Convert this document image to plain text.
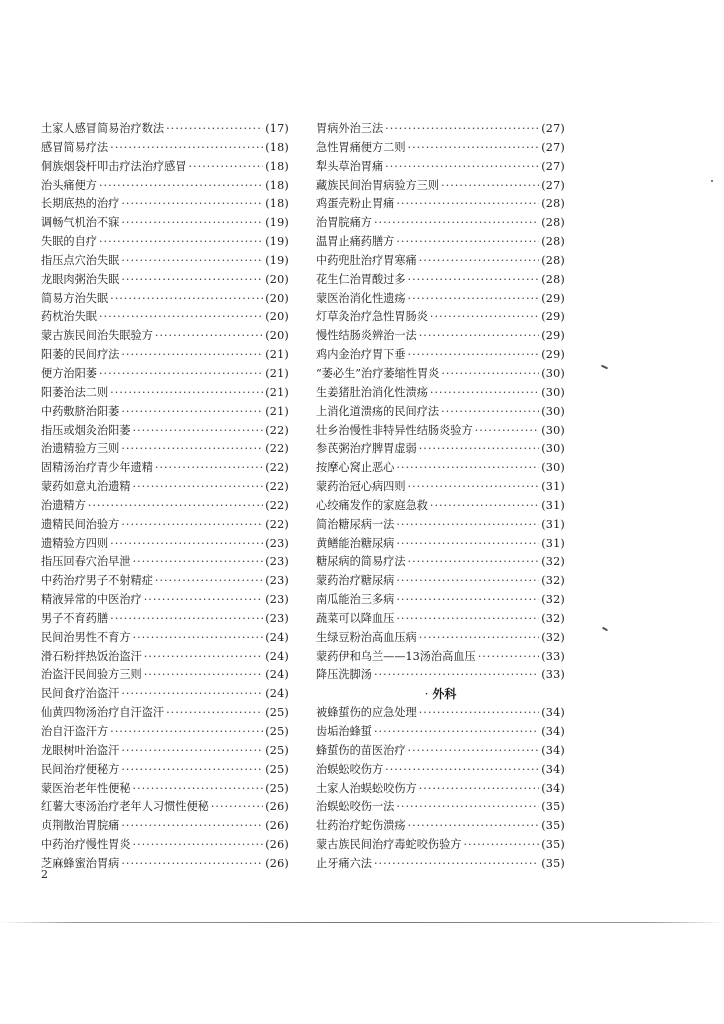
土家人感冒简易治疗数法 ·····	(17)
感冒简易疗法 ·····	(18)
侗族烟袋杆叩击疗法治疗感冒 ·····	(18)
治头痛便方 ·····	(18)
长期底热的治疗 ·····	(18)
调畅气机治不寐 ·····	(19)
失眠的自疗 ·····	(19)
指压点穴治失眠 ·····	(19)
龙眼肉粥治失眠 ·····	(20)
简易方治失眠 ·····	(20)
药枕治失眠 ·····	(20)
蒙古族民间治失眠验方 ·····	(20)
阳萎的民间疗法 ·····	(21)
便方治阳萎 ·····	(21)
阳萎治法二则 ·····	(21)
中药敷脐治阳萎 ·····	(21)
指压或烟灸治阳萎 ·····	(22)
治遗精验方三则 ·····	(22)
固精汤治疗青少年遗精 ·····	(22)
蒙药如意丸治遗精 ·····	(22)
治遗精方 ·····	(22)
遗精民间治验方 ·····	(22)
遗精验方四则 ·····	(23)
指压回春穴治早泄 ·····	(23)
中药治疗男子不射精症 ·····	(23)
精液异常的中医治疗 ·····	(23)
男子不育药膳 ·····	(23)
民间治男性不育方 ·····	(24)
滑石粉拌热饭治盗汗 ·····	(24)
治盗汗民间验方三则 ·····	(24)
民间食疗治盗汗 ·····	(24)
仙黄四物汤治疗自汗盗汗 ·····	(25)
治自汗盗汗方 ·····	(25)
龙眼树叶治盗汗 ·····	(25)
民间治疗便秘方 ·····	(25)
蒙医治老年性便秘 ·····	(25)
红薯大枣汤治疗老年人习惯性便秘 ·····	(26)
贞荆散治胃脘痛 ·····	(26)
中药治疗慢性胃炎 ·····	(26)
芝麻蜂蜜治胃病 ·····	(26)
胃病外治三法 ·····	(27)
急性胃痛便方二则 ·····	(27)
犁头草治胃痛 ·····	(27)
藏族民间治胃病验方三则 ·····	(27)
鸡蛋壳粉止胃痛 ·····	(28)
治胃脘痛方 ·····	(28)
温胃止痛药膳方 ·····	(28)
中药兜肚治疗胃寒痛 ·····	(28)
花生仁治胃酸过多 ·····	(28)
蒙医治消化性遗疡 ·····	(29)
灯草灸治疗急性胃肠炎 ·····	(29)
慢性结肠炎辨治一法 ·····	(29)
鸡内金治疗胃下垂 ·····	(29)
“萎必生”治疗萎缩性胃炎 ·····	(30)
生姜猪肚治消化性溃疡 ·····	(30)
上消化道溃疡的民间疗法 ·····	(30)
壮乡治慢性非特异性结肠炎验方 ·····	(30)
参芪粥治疗脾胃虚弱 ·····	(30)
按摩心窝止恶心 ·····	(30)
蒙药治冠心病四则 ·····	(31)
心绞痛发作的家庭急救 ·····	(31)
简治糖尿病一法 ·····	(31)
黄鳝能治糖尿病 ·····	(31)
糖尿病的简易疗法 ·····	(32)
蒙药治疗糖尿病 ·····	(32)
南瓜能治三多病 ·····	(32)
蔬菜可以降血压 ·····	(32)
生绿豆粉治高血压病 ·····	(32)
蒙药伊和乌兰——13汤治高血压 ·····	(33)
降压洗脚汤 ·····	(33)
· 外科
被蜂蜇伤的应急处理 ·····	(34)
齿垢治蜂蜇 ·····	(34)
蜂蜇伤的苗医治疗 ·····	(34)
治蜈蚣咬伤方 ·····	(34)
土家人治蜈蚣咬伤方 ·····	(34)
治蜈蚣咬伤一法 ·····	(35)
壮药治疗蛇伤溃疡 ·····	(35)
蒙古族民间治疗毒蛇咬伤验方 ·····	(35)
止牙痛六法 ·····	(35)
2
